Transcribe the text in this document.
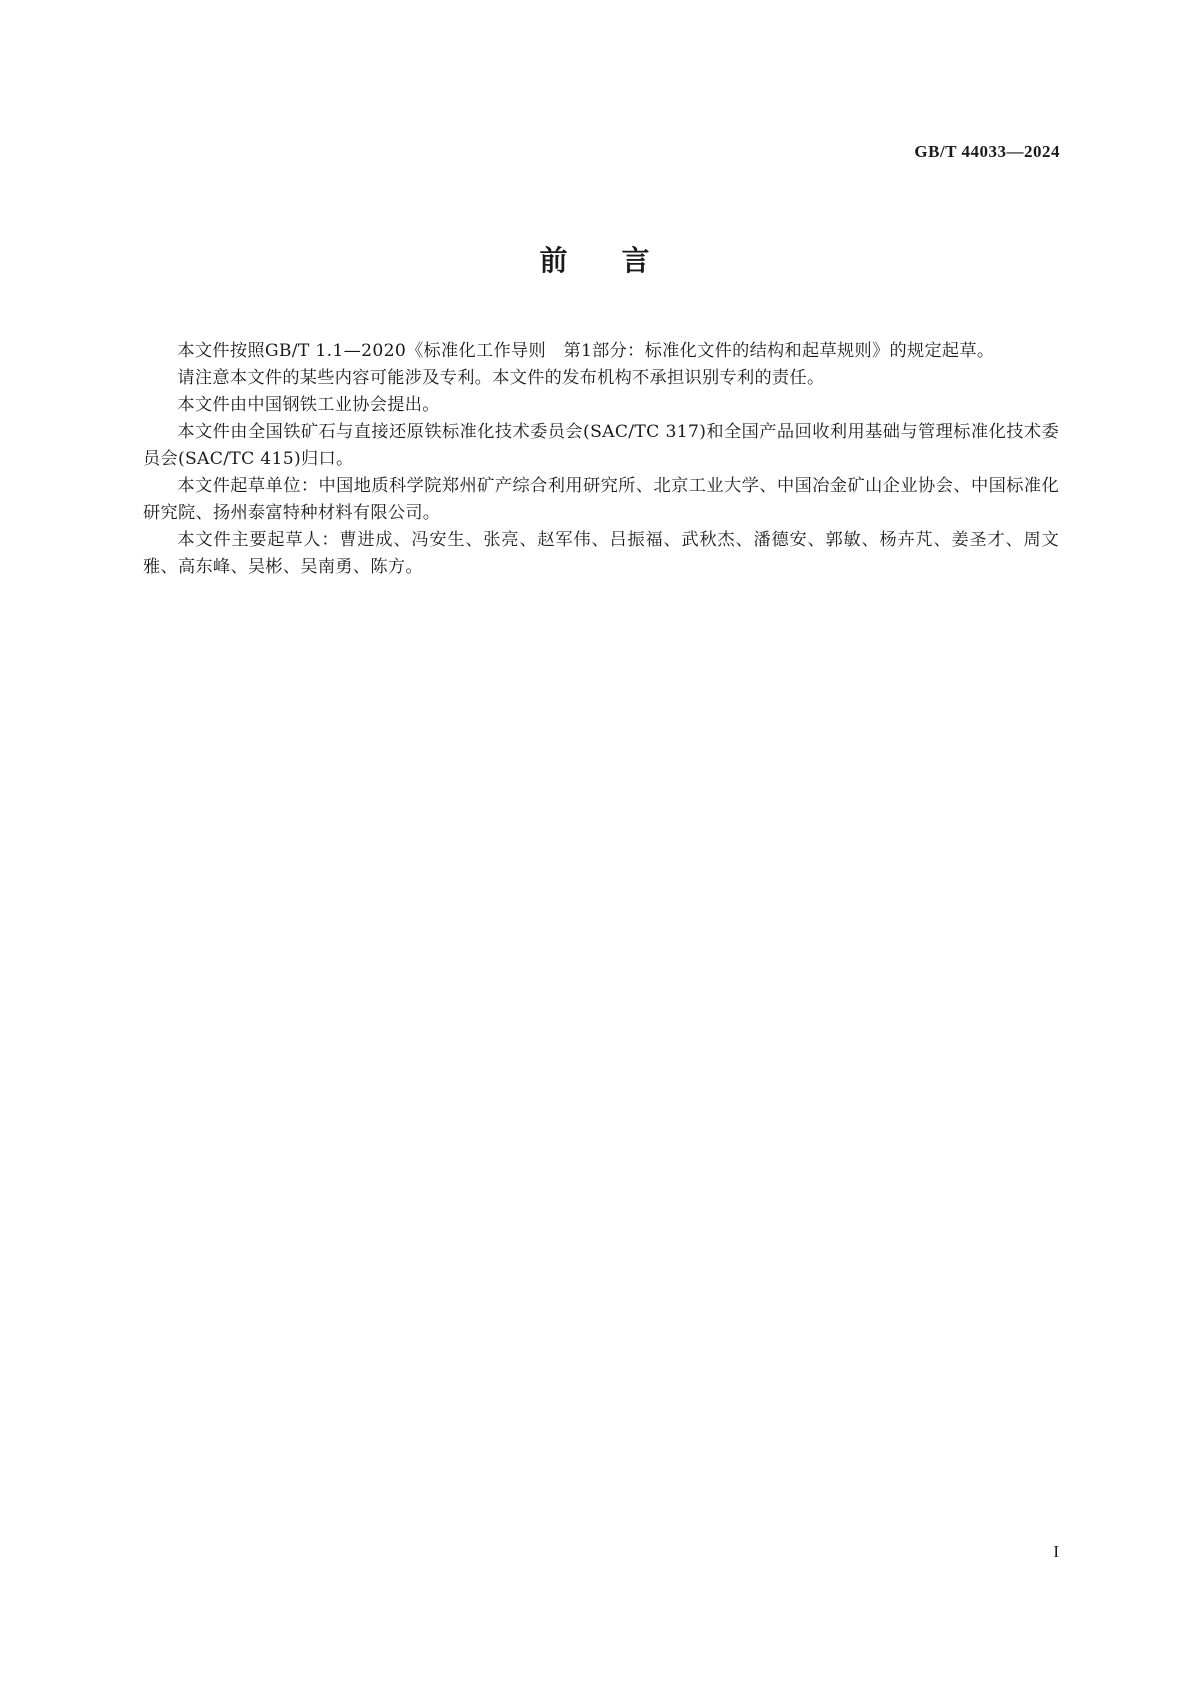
GB/T 44033—2024
前 言

本文件按照GB/T 1.1—2020《标准化工作导则　第1部分：标准化文件的结构和起草规则》的规定起草。

请注意本文件的某些内容可能涉及专利。本文件的发布机构不承担识别专利的责任。

本文件由中国钢铁工业协会提出。

本文件由全国铁矿石与直接还原铁标准化技术委员会(SAC/TC 317)和全国产品回收利用基础与管理标准化技术委员会(SAC/TC 415)归口。

本文件起草单位：中国地质科学院郑州矿产综合利用研究所、北京工业大学、中国冶金矿山企业协会、中国标准化研究院、扬州泰富特种材料有限公司。

本文件主要起草人：曹进成、冯安生、张亮、赵军伟、吕振福、武秋杰、潘德安、郭敏、杨卉芃、姜圣才、周文雅、高东峰、吴彬、吴南勇、陈方。

I
